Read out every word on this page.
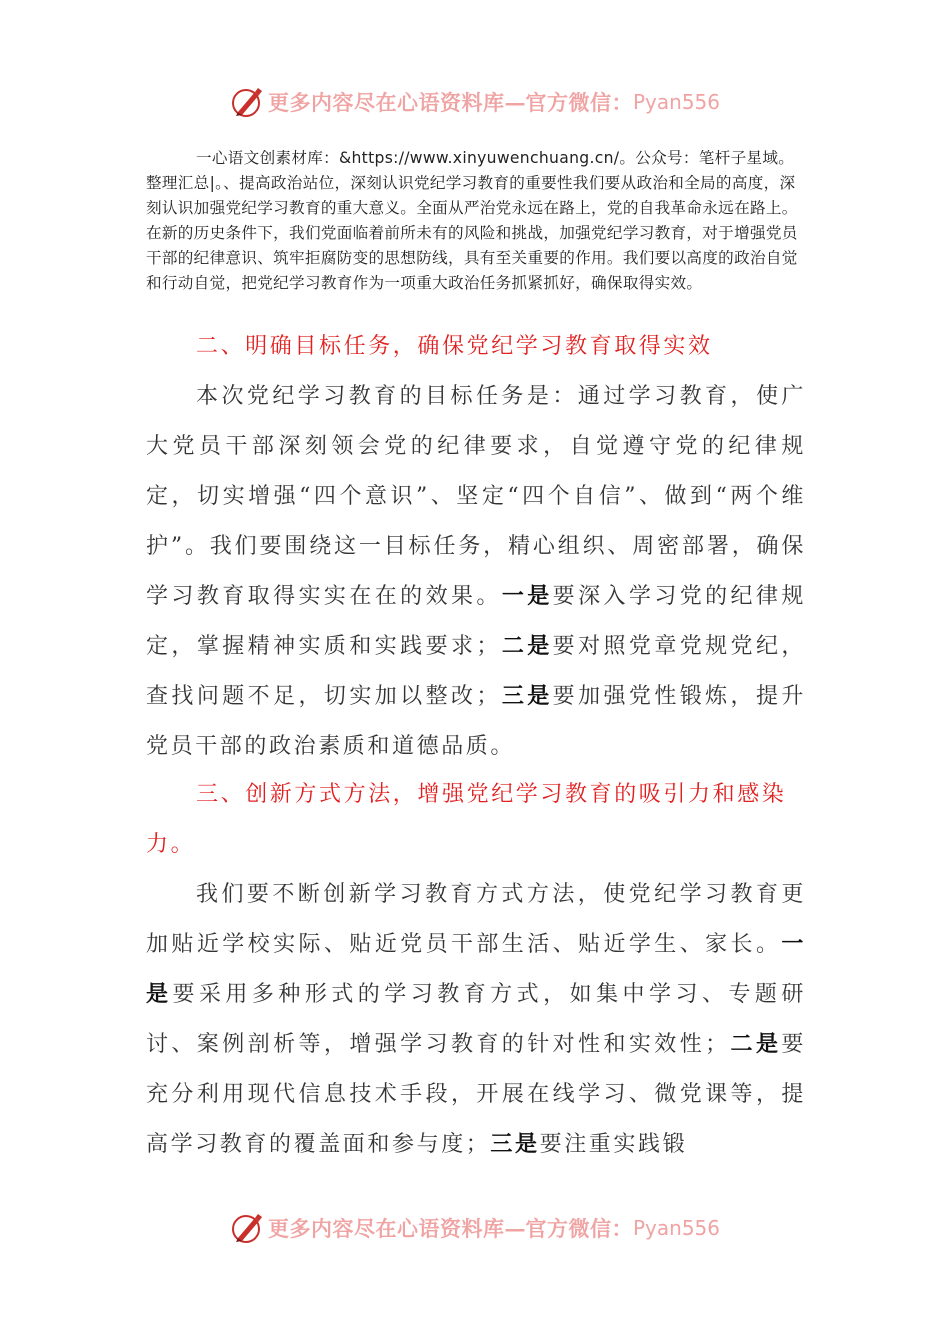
更多内容尽在心语资料库 — 官方微信： Pyan556
一心语文创素材库：&https://www.xinyuwenchuang.cn/。公众号：笔杆子星域。整理汇总|。、提高政治站位，深刻认识党纪学习教育的重要性我们要从政治和全局的高度，深刻认识加强党纪学习教育的重大意义。全面从严治党永远在路上，党的自我革命永远在路上。在新的历史条件下，我们党面临着前所未有的风险和挑战，加强党纪学习教育，对于增强党员干部的纪律意识、筑牢拒腐防变的思想防线，具有至关重要的作用。我们要以高度的政治自觉和行动自觉，把党纪学习教育作为一项重大政治任务抓紧抓好，确保取得实效。
二、明确目标任务，确保党纪学习教育取得实效
本次党纪学习教育的目标任务是：通过学习教育，使广大党员干部深刻领会党的纪律要求，自觉遵守党的纪律规定，切实增强“四个意识”、坚定“四个自信”、做到“两个维护”。我们要围绕这一目标任务，精心组织、周密部署，确保学习教育取得实实在在的效果。一是要深入学习党的纪律规定，掌握精神实质和实践要求；二是要对照党章党规党纪，查找问题不足，切实加以整改；三是要加强党性锻炼，提升党员干部的政治素质和道德品质。
三、创新方式方法，增强党纪学习教育的吸引力和感染力。
我们要不断创新学习教育方式方法，使党纪学习教育更加贴近学校实际、贴近党员干部生活、贴近学生、家长。一是要采用多种形式的学习教育方式，如集中学习、专题研讨、案例剖析等，增强学习教育的针对性和实效性；二是要充分利用现代信息技术手段，开展在线学习、微党课等，提高学习教育的覆盖面和参与度；三是要注重实践锻
更多内容尽在心语资料库 — 官方微信： Pyan556
